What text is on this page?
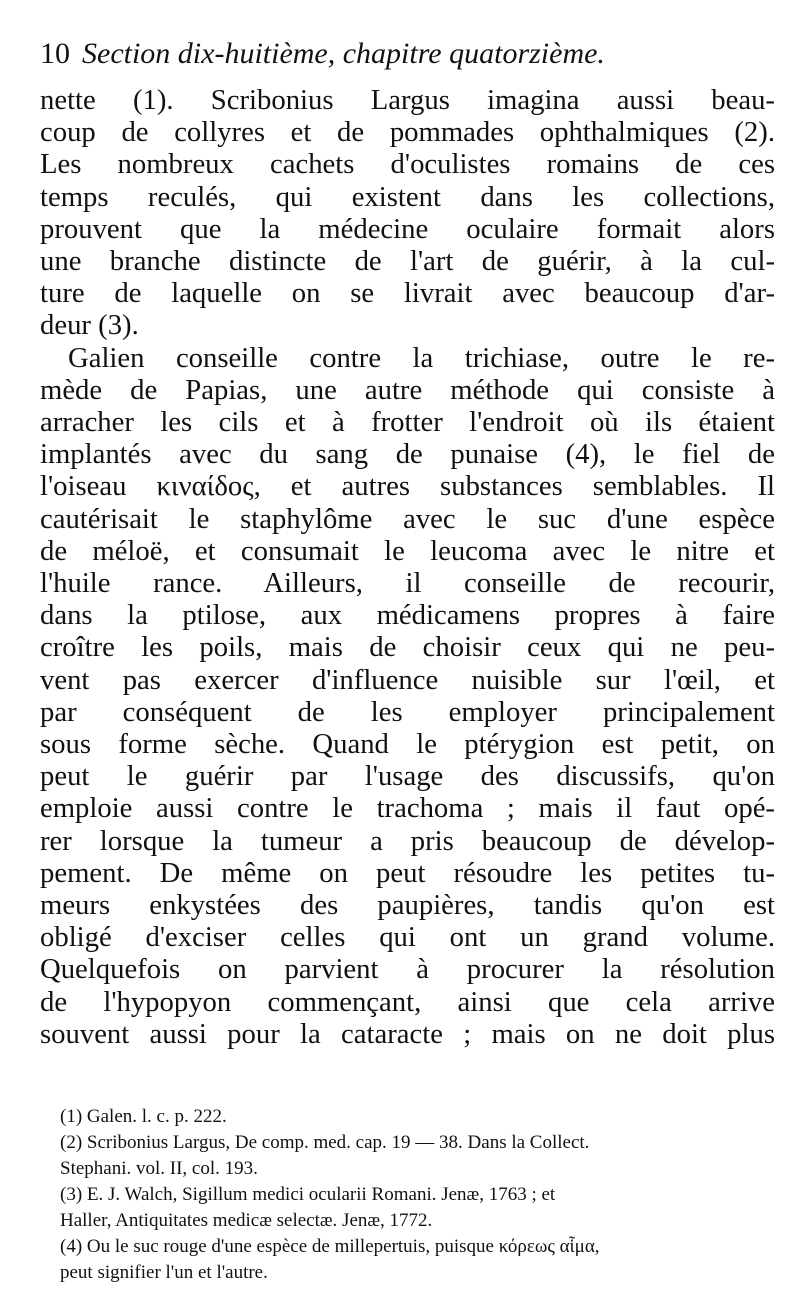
10 Section dix-huitième, chapitre quatorzième.
nette (1). Scribonius Largus imagina aussi beau-
coup de collyres et de pommades ophthalmiques (2).
Les nombreux cachets d'oculistes romains de ces
temps reculés, qui existent dans les collections,
prouvent que la médecine oculaire formait alors
une branche distincte de l'art de guérir, à la cul-
ture de laquelle on se livrait avec beaucoup d'ar-
deur (3).
Galien conseille contre la trichiase, outre le re-
mède de Papias, une autre méthode qui consiste à
arracher les cils et à frotter l'endroit où ils étaient
implantés avec du sang de punaise (4), le fiel de
l'oiseau κιναίδος, et autres substances semblables. Il
cautérisait le staphylôme avec le suc d'une espèce
de méloë, et consumait le leucoma avec le nitre et
l'huile rance. Ailleurs, il conseille de recourir,
dans la ptilose, aux médicamens propres à faire
croître les poils, mais de choisir ceux qui ne peu-
vent pas exercer d'influence nuisible sur l'œil, et
par conséquent de les employer principalement
sous forme sèche. Quand le ptérygion est petit, on
peut le guérir par l'usage des discussifs, qu'on
emploie aussi contre le trachoma ; mais il faut opé-
rer lorsque la tumeur a pris beaucoup de dévelop-
pement. De même on peut résoudre les petites tu-
meurs enkystées des paupières, tandis qu'on est
obligé d'exciser celles qui ont un grand volume.
Quelquefois on parvient à procurer la résolution
de l'hypopyon commençant, ainsi que cela arrive
souvent aussi pour la cataracte ; mais on ne doit plus
(1) Galen. l. c. p. 222.
(2) Scribonius Largus, De comp. med. cap. 19 — 38. Dans la Collect.
Stephani. vol. II, col. 193.
(3) E. J. Walch, Sigillum medici ocularii Romani. Jenæ, 1763 ; et
Haller, Antiquitates medicæ selectæ. Jenæ, 1772.
(4) Ou le suc rouge d'une espèce de millepertuis, puisque κόρεως αἷμα,
peut signifier l'un et l'autre.
